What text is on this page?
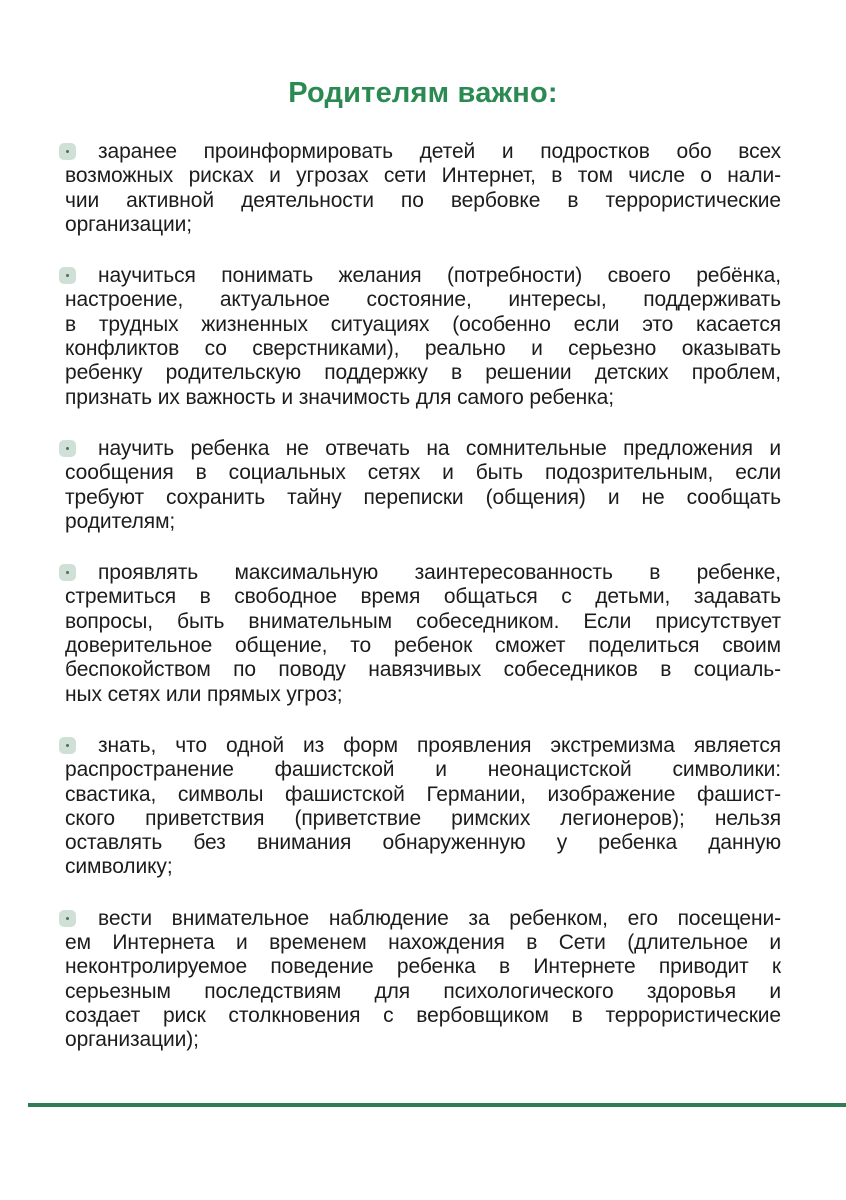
Родителям важно:
заранее проинформировать детей и подростков обо всех
возможных рисках и угрозах сети Интернет, в том числе о нали-
чии активной деятельности по вербовке в террористические
организации;
научиться понимать желания (потребности) своего ребёнка,
настроение, актуальное состояние, интересы, поддерживать
в трудных жизненных ситуациях (особенно если это касается
конфликтов со сверстниками), реально и серьезно оказывать
ребенку родительскую поддержку в решении детских проблем,
признать их важность и значимость для самого ребенка;
научить ребенка не отвечать на сомнительные предложения и
сообщения в социальных сетях и быть подозрительным, если
требуют сохранить тайну переписки (общения) и не сообщать
родителям;
проявлять максимальную заинтересованность в ребенке,
стремиться в свободное время общаться с детьми, задавать
вопросы, быть внимательным собеседником. Если присутствует
доверительное общение, то ребенок сможет поделиться своим
беспокойством по поводу навязчивых собеседников в социаль-
ных сетях или прямых угроз;
знать, что одной из форм проявления экстремизма является
распространение фашистской и неонацистской символики:
свастика, символы фашистской Германии, изображение фашист-
ского приветствия (приветствие римских легионеров); нельзя
оставлять без внимания обнаруженную у ребенка данную
символику;
вести внимательное наблюдение за ребенком, его посещени-
ем Интернета и временем нахождения в Сети (длительное и
неконтролируемое поведение ребенка в Интернете приводит к
серьезным последствиям для психологического здоровья и
создает риск столкновения с вербовщиком в террористические
организации);
